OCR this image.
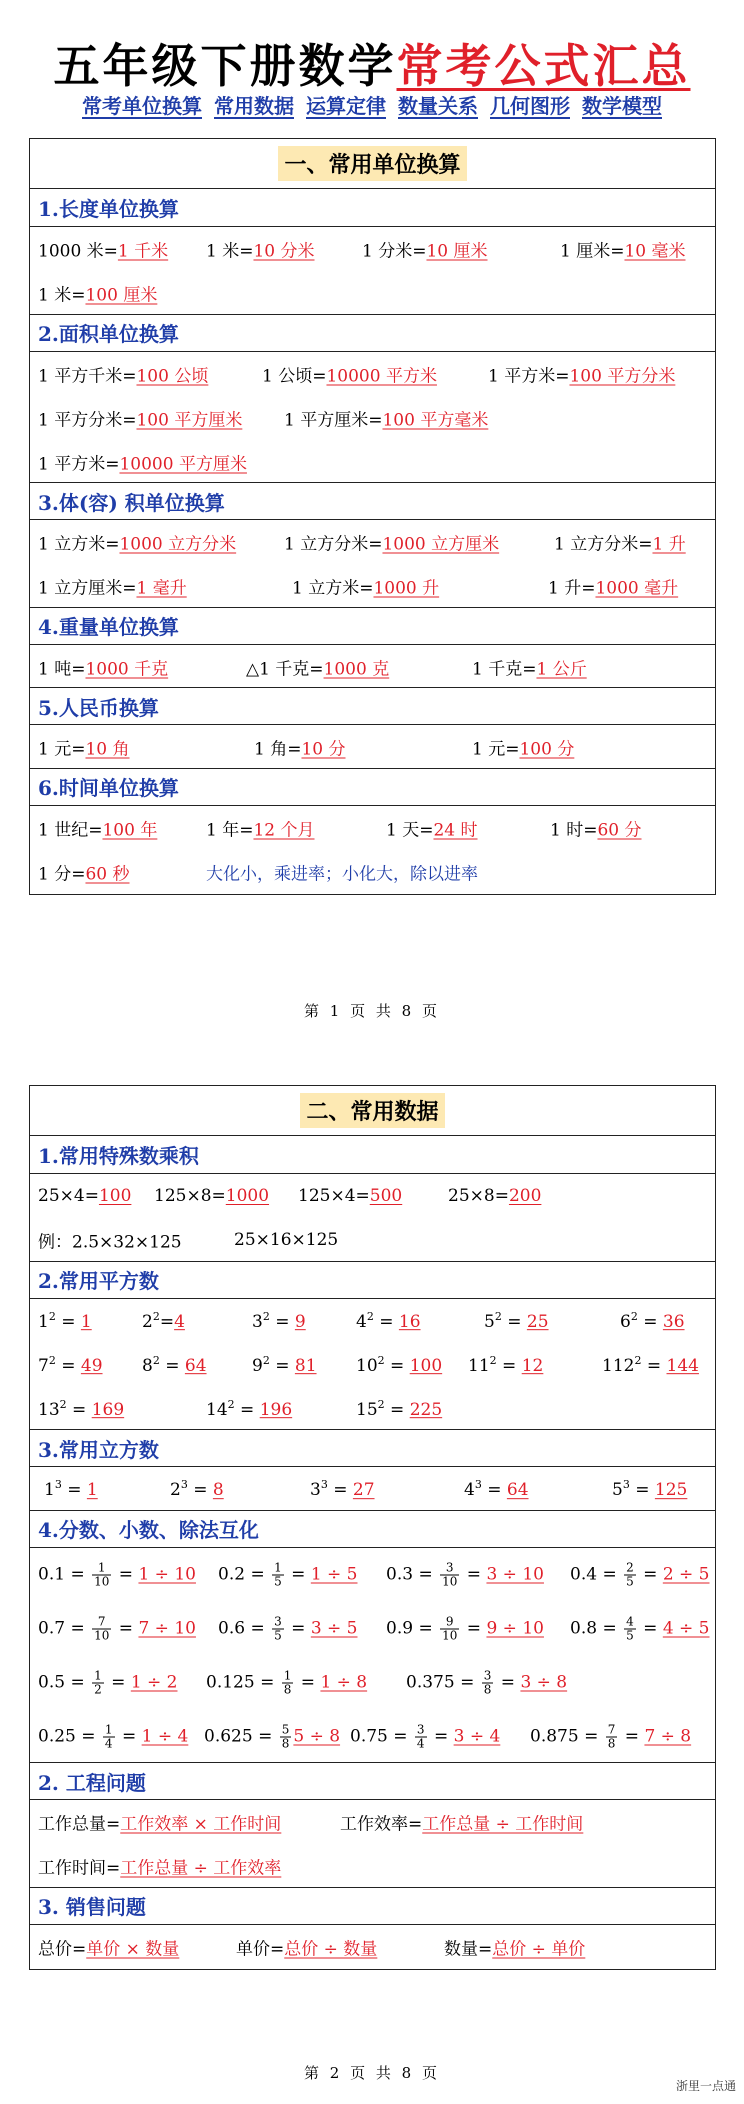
五年级下册数学常考公式汇总
常考单位换算 常用数据 运算定律 数量关系 几何图形 数学模型
一、常用单位换算
1.长度单位换算
1000 米=1 千米 1 米=10 分米	1 分米=10 厘米	1 厘米=10 毫米
1 米=100 厘米
2.面积单位换算
1 平方千米=100 公顷	1 公顷=10000 平方米	1 平方米=100 平方分米
1 平方分米=100 平方厘米 1 平方厘米=100 平方毫米
1 平方米=10000 平方厘米
3.体(容) 积单位换算
1 立方米=1000 立方分米	1 立方分米=1000 立方厘米	1 立方分米=1 升
1 立方厘米=1 毫升	1 立方米=1000 升	1 升=1000 毫升
4.重量单位换算
1 吨=1000 千克	△1 千克=1000 克	1 千克=1 公斤
5.人民币换算
1 元=10 角	1 角=10 分	1 元=100 分
6.时间单位换算
1 世纪=100 年	1 年=12 个月	1 天=24 时	1 时=60 分
1 分=60 秒	大化小，乘进率；小化大，除以进率
第 1 页 共 8 页
二、常用数据
1.常用特殊数乘积
25×4=100 125×8=1000 125×4=500	25×8=200
例：2.5×32×125	25×16×125
2.常用平方数
$1^2 = 1$	$2^2=4$	$3^2 = 9$	$4^2 = 16$	$5^2 = 25$	$6^2 = 36$
$7^2 = 49$ $8^2 = 64$	$9^2 = 81$ $10^2 = 100$ $11^2 = 12$	$112^2 = 144$
$13^2 = 169$	$14^2 = 196$	$15^2 = 225$
3.常用立方数
$1^3 = 1$	$2^3 = 8$	$3^3 = 27$	$4^3 = 64$	$5^3 = 125$
4.分数、小数、除法互化
$0.1 = \frac{1}{10} = 1 \div 10$ $0.2 = \frac{1}{5} = 1 \div 5$ $0.3 = \frac{3}{10} = 3 \div 10$ $0.4 = \frac{2}{5} = 2 \div 5$
$0.7 = \frac{7}{10} = 7 \div 10$ $0.6 = \frac{3}{5} = 3 \div 5$ $0.9 = \frac{9}{10} = 9 \div 10$ $0.8 = \frac{4}{5} = 4 \div 5$
$0.5 = \frac{1}{2} = 1 \div 2$ $0.125 = \frac{1}{8} = 1 \div 8$ $0.375 = \frac{3}{8} = 3 \div 8$
$0.25 = \frac{1}{4} = 1 \div 4$ $0.625 = \frac{5}{8} 5 \div 8$ $0.75 = \frac{3}{4} = 3 \div 4$ $0.875 = \frac{7}{8} = 7 \div 8$
2. 工程问题
工作总量=工作效率 × 工作时间	工作效率=工作总量 ÷ 工作时间
工作时间=工作总量 ÷ 工作效率
3. 销售问题
总价=单价 × 数量	单价=总价 ÷ 数量	数量=总价 ÷ 单价
第 2 页 共 8 页
浙里一点通
